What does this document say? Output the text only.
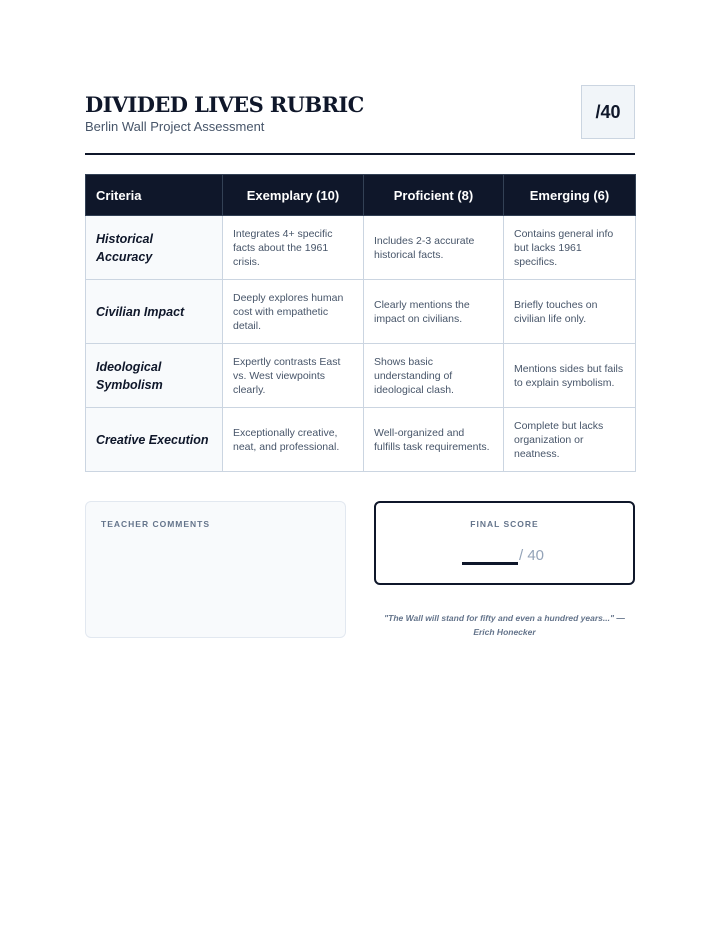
DIVIDED LIVES RUBRIC
Berlin Wall Project Assessment
/40
Criteria	Exemplary (10)	Proficient (8)	Emerging (6)
Historical Accuracy	Integrates 4+ specific facts about the 1961 crisis.	Includes 2-3 accurate historical facts.	Contains general info but lacks 1961 specifics.
Civilian Impact	Deeply explores human cost with empathetic detail.	Clearly mentions the impact on civilians.	Briefly touches on civilian life only.
Ideological Symbolism	Expertly contrasts East vs. West viewpoints clearly.	Shows basic understanding of ideological clash.	Mentions sides but fails to explain symbolism.
Creative Execution	Exceptionally creative, neat, and professional.	Well-organized and fulfills task requirements.	Complete but lacks organization or neatness.
TEACHER COMMENTS	FINAL SCORE
/ 40
"The Wall will stand for fifty and even a hundred years..." — Erich Honecker
